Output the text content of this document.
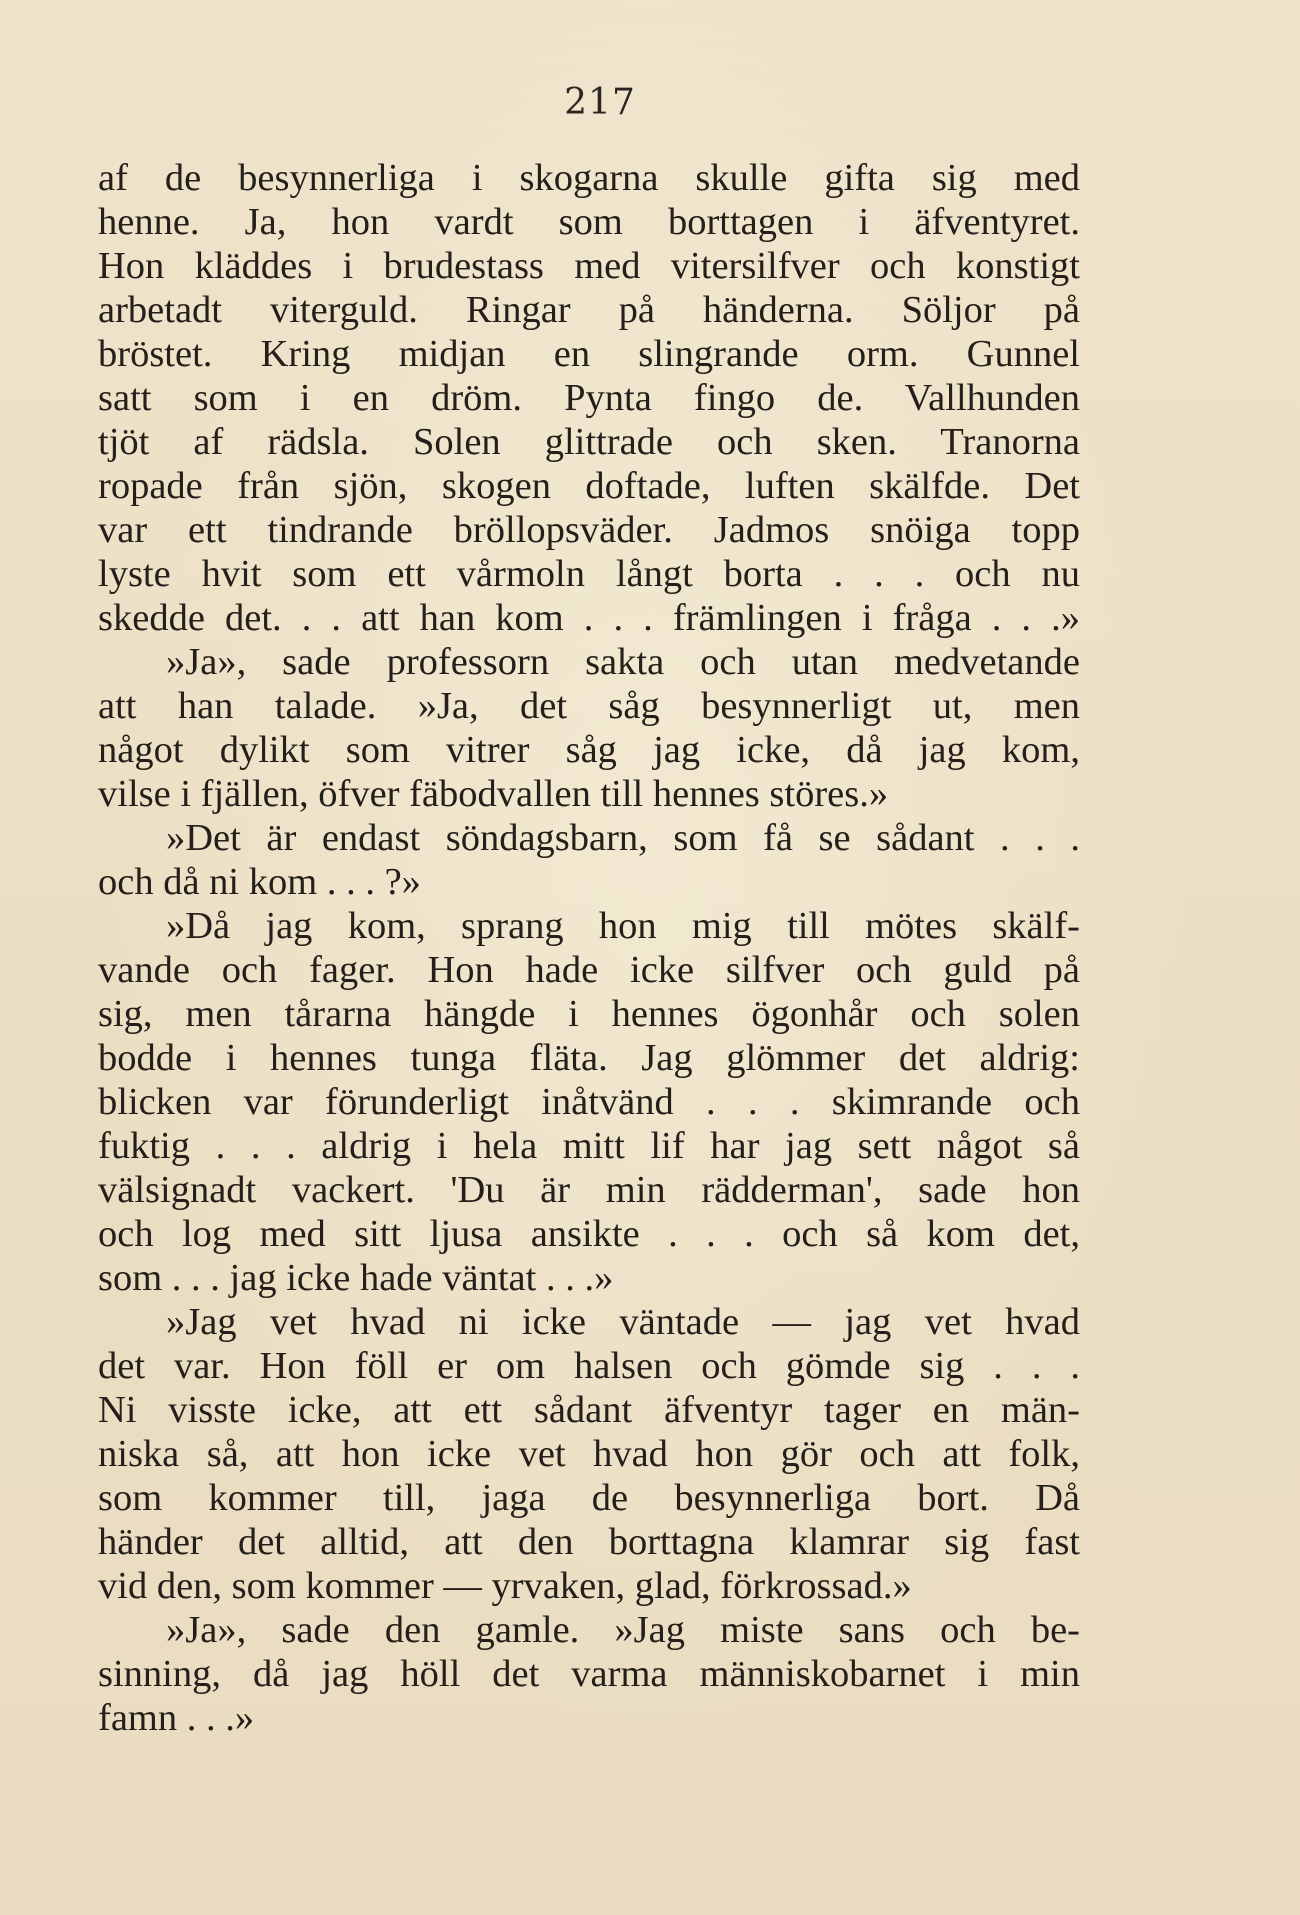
217
af de besynnerliga i skogarna skulle gifta sig med
henne. Ja, hon vardt som borttagen i äfventyret.
Hon kläddes i brudestass med vitersilfver och konstigt
arbetadt viterguld. Ringar på händerna. Söljor på
bröstet. Kring midjan en slingrande orm. Gunnel
satt som i en dröm. Pynta fingo de. Vallhunden
tjöt af rädsla. Solen glittrade och sken. Tranorna
ropade från sjön, skogen doftade, luften skälfde. Det
var ett tindrande bröllopsväder. Jadmos snöiga topp
lyste hvit som ett vårmoln långt borta . . . och nu
skedde det. . . att han kom . . . främlingen i fråga . . .»
»Ja», sade professorn sakta och utan medvetande
att han talade. »Ja, det såg besynnerligt ut, men
något dylikt som vitrer såg jag icke, då jag kom,
vilse i fjällen, öfver fäbodvallen till hennes störes.»
»Det är endast söndagsbarn, som få se sådant . . .
och då ni kom . . . ?»
»Då jag kom, sprang hon mig till mötes skälf-
vande och fager. Hon hade icke silfver och guld på
sig, men tårarna hängde i hennes ögonhår och solen
bodde i hennes tunga fläta. Jag glömmer det aldrig:
blicken var förunderligt inåtvänd . . . skimrande och
fuktig . . . aldrig i hela mitt lif har jag sett något så
välsignadt vackert. 'Du är min rädderman', sade hon
och log med sitt ljusa ansikte . . . och så kom det,
som . . . jag icke hade väntat . . .»
»Jag vet hvad ni icke väntade — jag vet hvad
det var. Hon föll er om halsen och gömde sig . . .
Ni visste icke, att ett sådant äfventyr tager en män-
niska så, att hon icke vet hvad hon gör och att folk,
som kommer till, jaga de besynnerliga bort. Då
händer det alltid, att den borttagna klamrar sig fast
vid den, som kommer — yrvaken, glad, förkrossad.»
»Ja», sade den gamle. »Jag miste sans och be-
sinning, då jag höll det varma människobarnet i min
famn . . .»
